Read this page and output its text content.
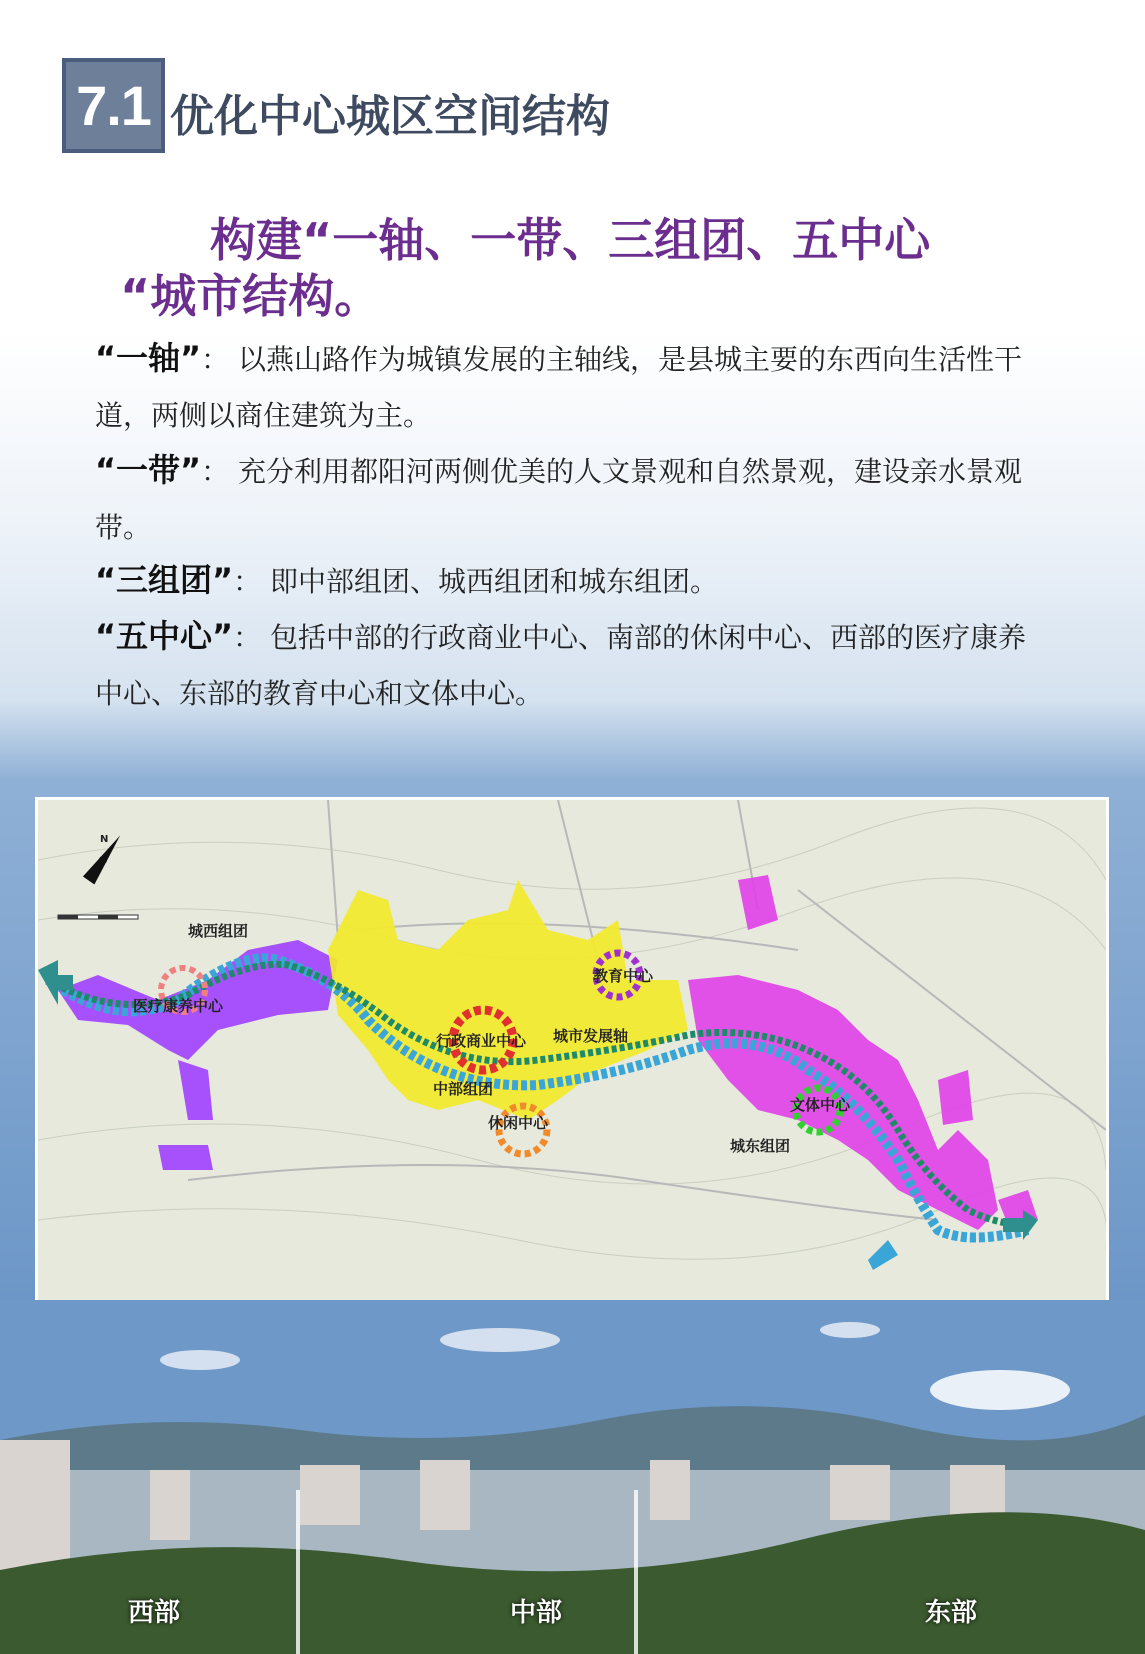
7.1 优化中心城区空间结构
构建“一轴、一带、三组团、五中心
“城市结构。
“一轴”： 以燕山路作为城镇发展的主轴线，是县城主要的东西向生活性干道，两侧以商住建筑为主。
“一带”： 充分利用都阳河两侧优美的人文景观和自然景观，建设亲水景观带。
“三组团”： 即中部组团、城西组团和城东组团。
“五中心”： 包括中部的行政商业中心、南部的休闲中心、西部的医疗康养中心、东部的教育中心和文体中心。
N
城西组团
医疗康养中心
行政商业中心 城市发展轴
中部组团
休闲中心
教育中心
文体中心
城东组团
西部	中部	东部
